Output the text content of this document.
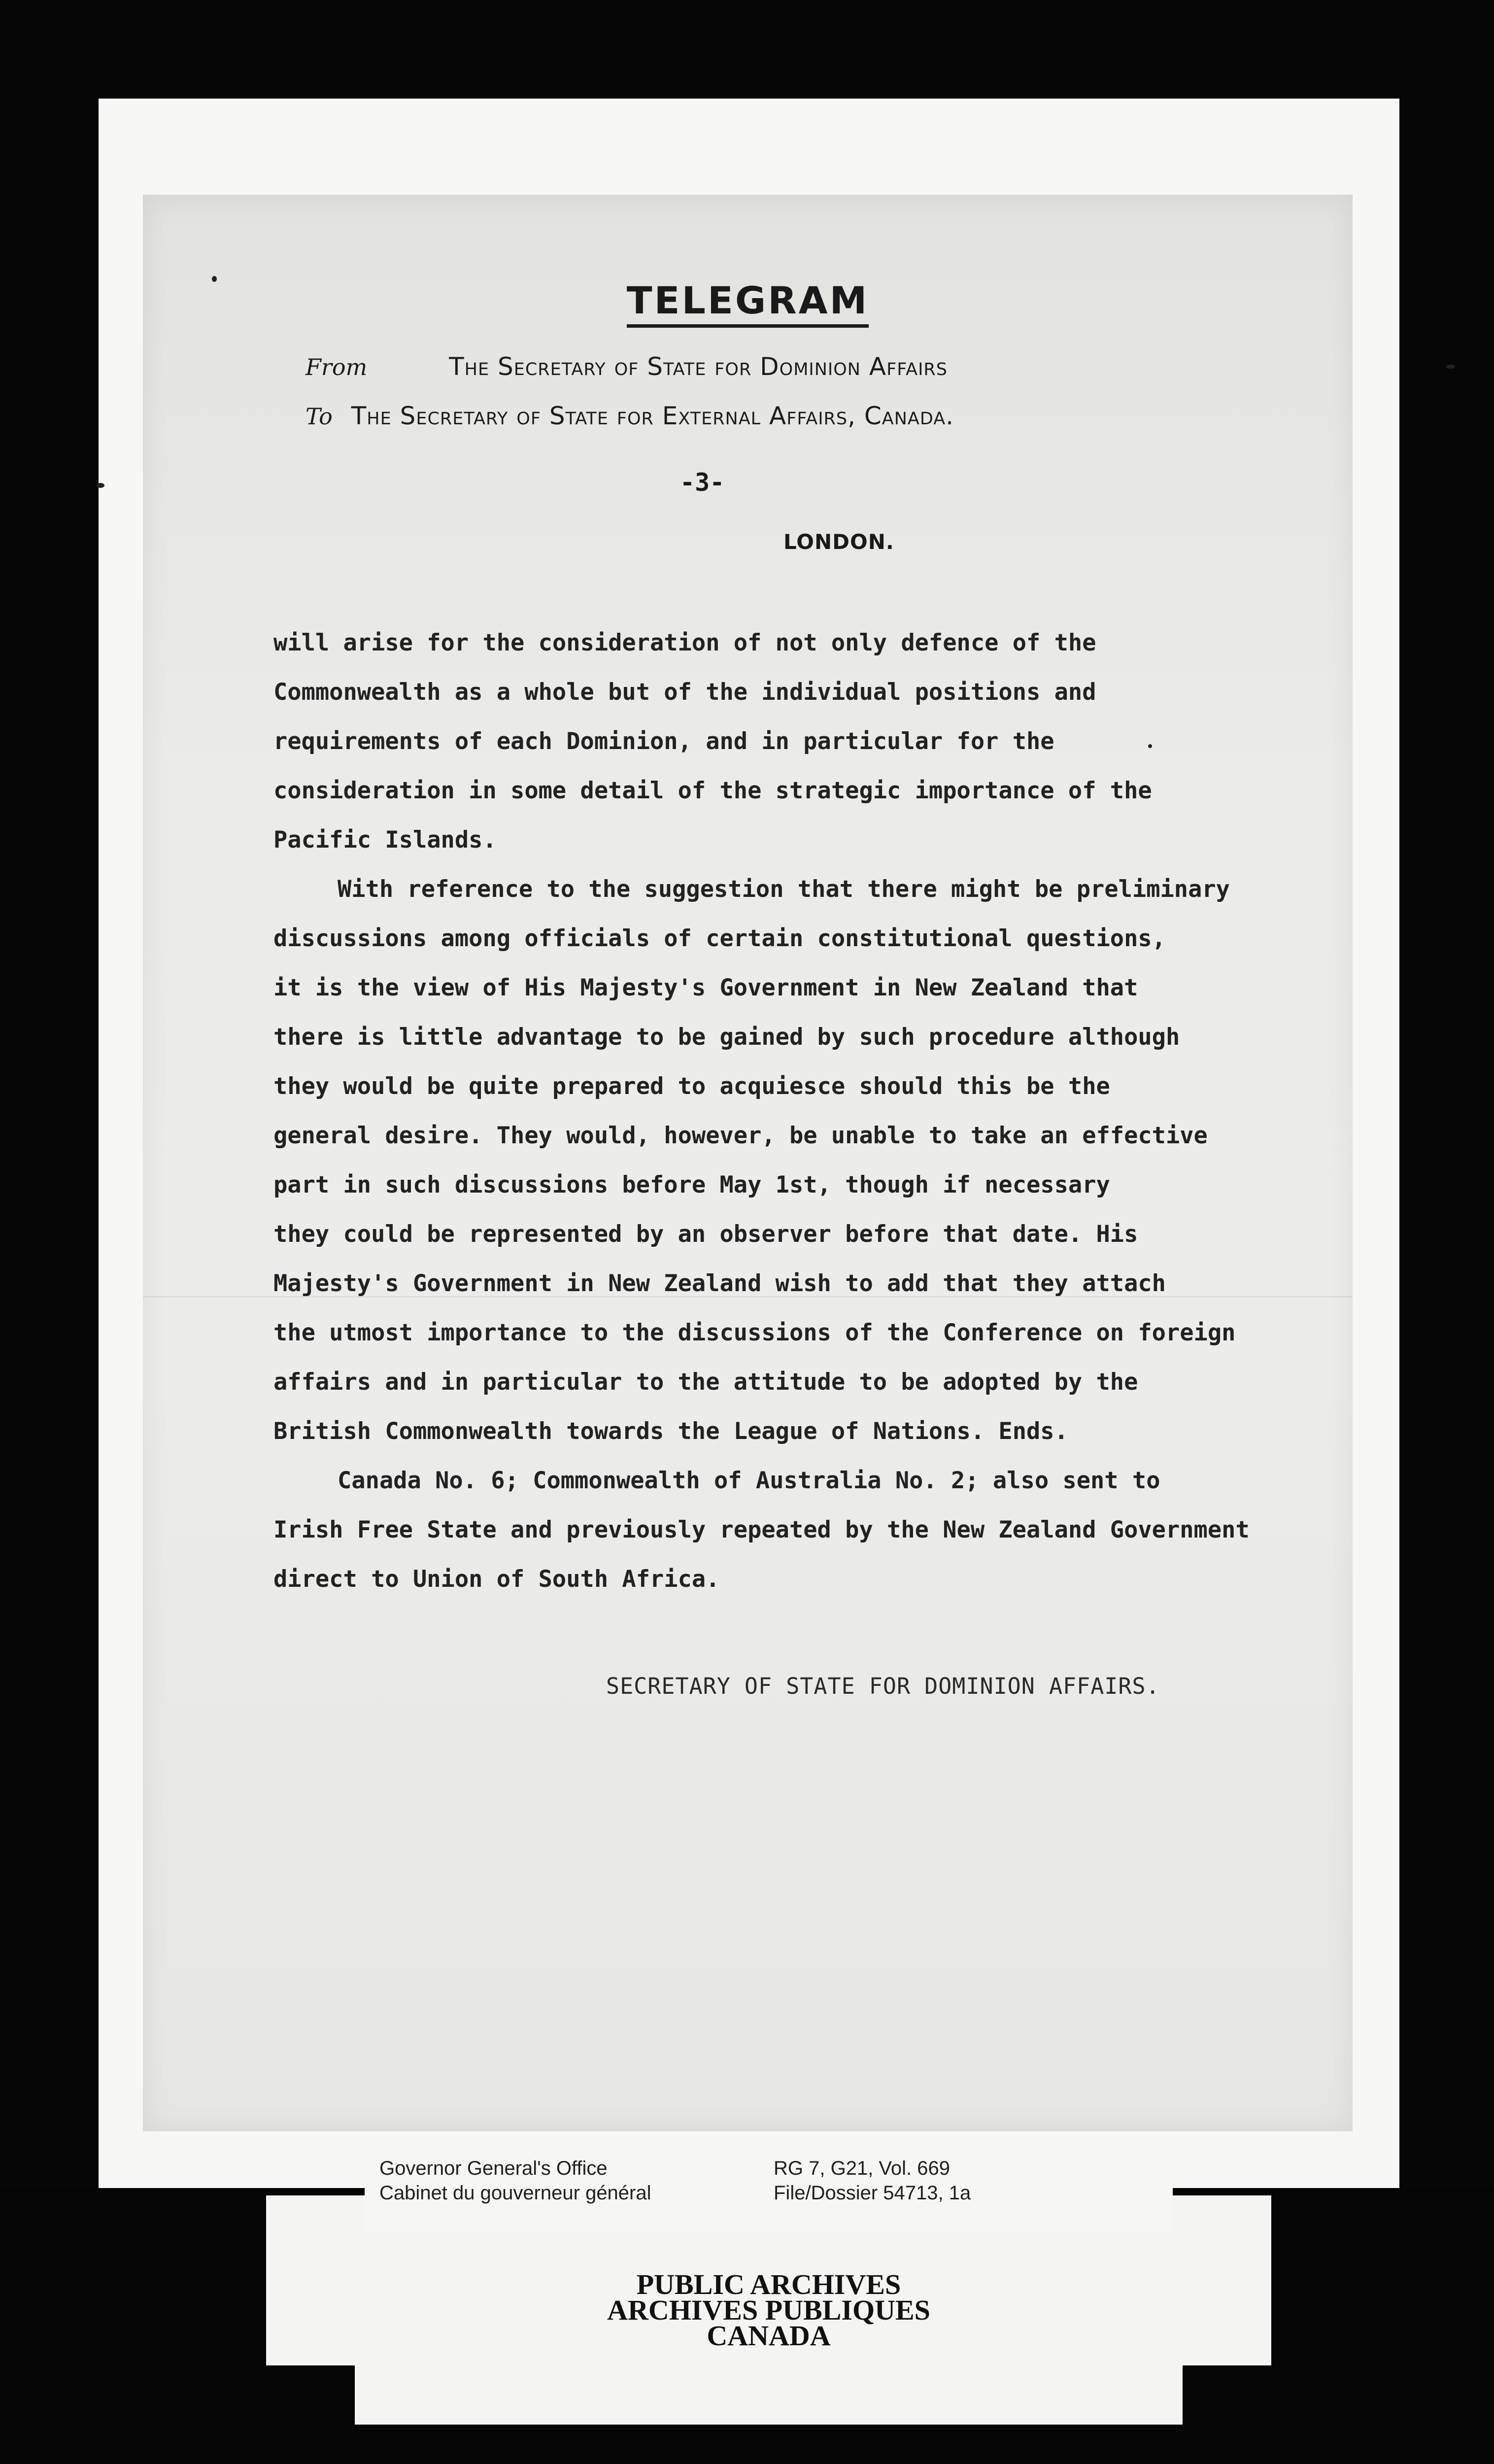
TELEGRAM
From	The Secretary of State for Dominion Affairs
To The Secretary of State for External Affairs, Canada.
-3-
LONDON.

will arise for the consideration of not only defence of the

Commonwealth as a whole but of the individual positions and

requirements of each Dominion, and in particular for the

consideration in some detail of the strategic importance of the

Pacific Islands.

With reference to the suggestion that there might be preliminary

discussions among officials of certain constitutional questions,

it is the view of His Majesty's Government in New Zealand that

there is little advantage to be gained by such procedure although

they would be quite prepared to acquiesce should this be the

general desire. They would, however, be unable to take an effective

part in such discussions before May 1st, though if necessary

they could be represented by an observer before that date. His

Majesty's Government in New Zealand wish to add that they attach

the utmost importance to the discussions of the Conference on foreign

affairs and in particular to the attitude to be adopted by the

British Commonwealth towards the League of Nations. Ends.

Canada No. 6; Commonwealth of Australia No. 2; also sent to

Irish Free State and previously repeated by the New Zealand Government

direct to Union of South Africa.

SECRETARY OF STATE FOR DOMINION AFFAIRS.
Governor General's Office
Cabinet du gouverneur général
RG 7, G21, Vol. 669
File/Dossier 54713, 1a
PUBLIC ARCHIVES
ARCHIVES PUBLIQUES
CANADA
